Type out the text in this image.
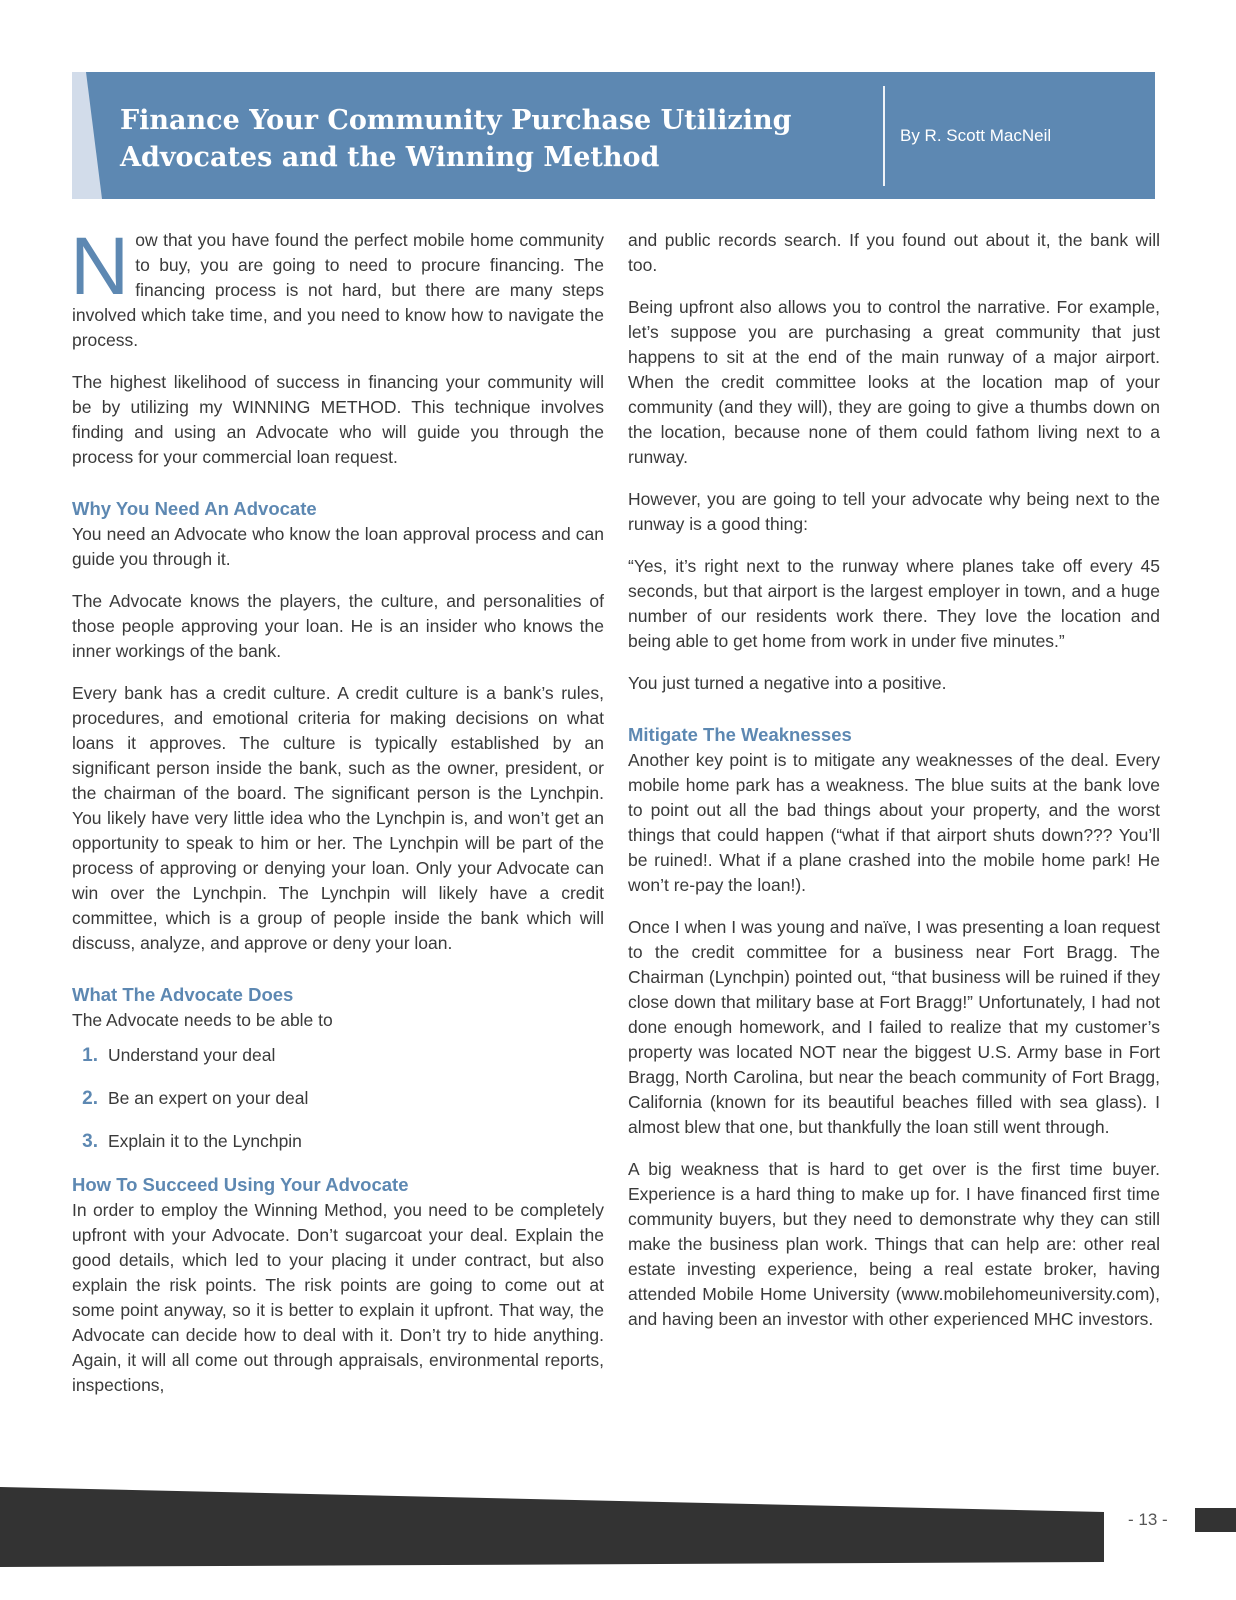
Finance Your Community Purchase Utilizing
Advocates and the Winning Method
By R. Scott MacNeil

Now that you have found the perfect mobile home community to buy, you are going to need to procure financing. The financing process is not hard, but there are many steps involved which take time, and you need to know how to navigate the process.

The highest likelihood of success in financing your community will be by utilizing my WINNING METHOD. This technique involves finding and using an Advocate who will guide you through the process for your commercial loan request.

Why You Need An Advocate

You need an Advocate who know the loan approval process and can guide you through it.

The Advocate knows the players, the culture, and personalities of those people approving your loan. He is an insider who knows the inner workings of the bank.

Every bank has a credit culture. A credit culture is a bank’s rules, procedures, and emotional criteria for making decisions on what loans it approves. The culture is typically established by an significant person inside the bank, such as the owner, president, or the chairman of the board. The significant person is the Lynchpin. You likely have very little idea who the Lynchpin is, and won’t get an opportunity to speak to him or her. The Lynchpin will be part of the process of approving or denying your loan. Only your Advocate can win over the Lynchpin. The Lynchpin will likely have a credit committee, which is a group of people inside the bank which will discuss, analyze, and approve or deny your loan.

What The Advocate Does

The Advocate needs to be able to

1. Understand your deal
2. Be an expert on your deal
3. Explain it to the Lynchpin
How To Succeed Using Your Advocate

In order to employ the Winning Method, you need to be completely upfront with your Advocate. Don’t sugarcoat your deal. Explain the good details, which led to your placing it under contract, but also explain the risk points. The risk points are going to come out at some point anyway, so it is better to explain it upfront. That way, the Advocate can decide how to deal with it. Don’t try to hide anything. Again, it will all come out through appraisals, environmental reports, inspections,

and public records search. If you found out about it, the bank will too.

Being upfront also allows you to control the narrative. For example, let’s suppose you are purchasing a great community that just happens to sit at the end of the main runway of a major airport. When the credit committee looks at the location map of your community (and they will), they are going to give a thumbs down on the location, because none of them could fathom living next to a runway.

However, you are going to tell your advocate why being next to the runway is a good thing:

“Yes, it’s right next to the runway where planes take off every 45 seconds, but that airport is the largest employer in town, and a huge number of our residents work there. They love the location and being able to get home from work in under five minutes.”

You just turned a negative into a positive.

Mitigate The Weaknesses

Another key point is to mitigate any weaknesses of the deal. Every mobile home park has a weakness. The blue suits at the bank love to point out all the bad things about your property, and the worst things that could happen (“what if that airport shuts down??? You’ll be ruined!. What if a plane crashed into the mobile home park! He won’t re-pay the loan!).

Once I when I was young and naïve, I was presenting a loan request to the credit committee for a business near Fort Bragg. The Chairman (Lynchpin) pointed out, “that business will be ruined if they close down that military base at Fort Bragg!” Unfortunately, I had not done enough homework, and I failed to realize that my customer’s property was located NOT near the biggest U.S. Army base in Fort Bragg, North Carolina, but near the beach community of Fort Bragg, California (known for its beautiful beaches filled with sea glass). I almost blew that one, but thankfully the loan still went through.

A big weakness that is hard to get over is the first time buyer. Experience is a hard thing to make up for. I have financed first time community buyers, but they need to demonstrate why they can still make the business plan work. Things that can help are: other real estate investing experience, being a real estate broker, having attended Mobile Home University (www.mobilehomeuniversity.com), and having been an investor with other experienced MHC investors.

- 13 -
